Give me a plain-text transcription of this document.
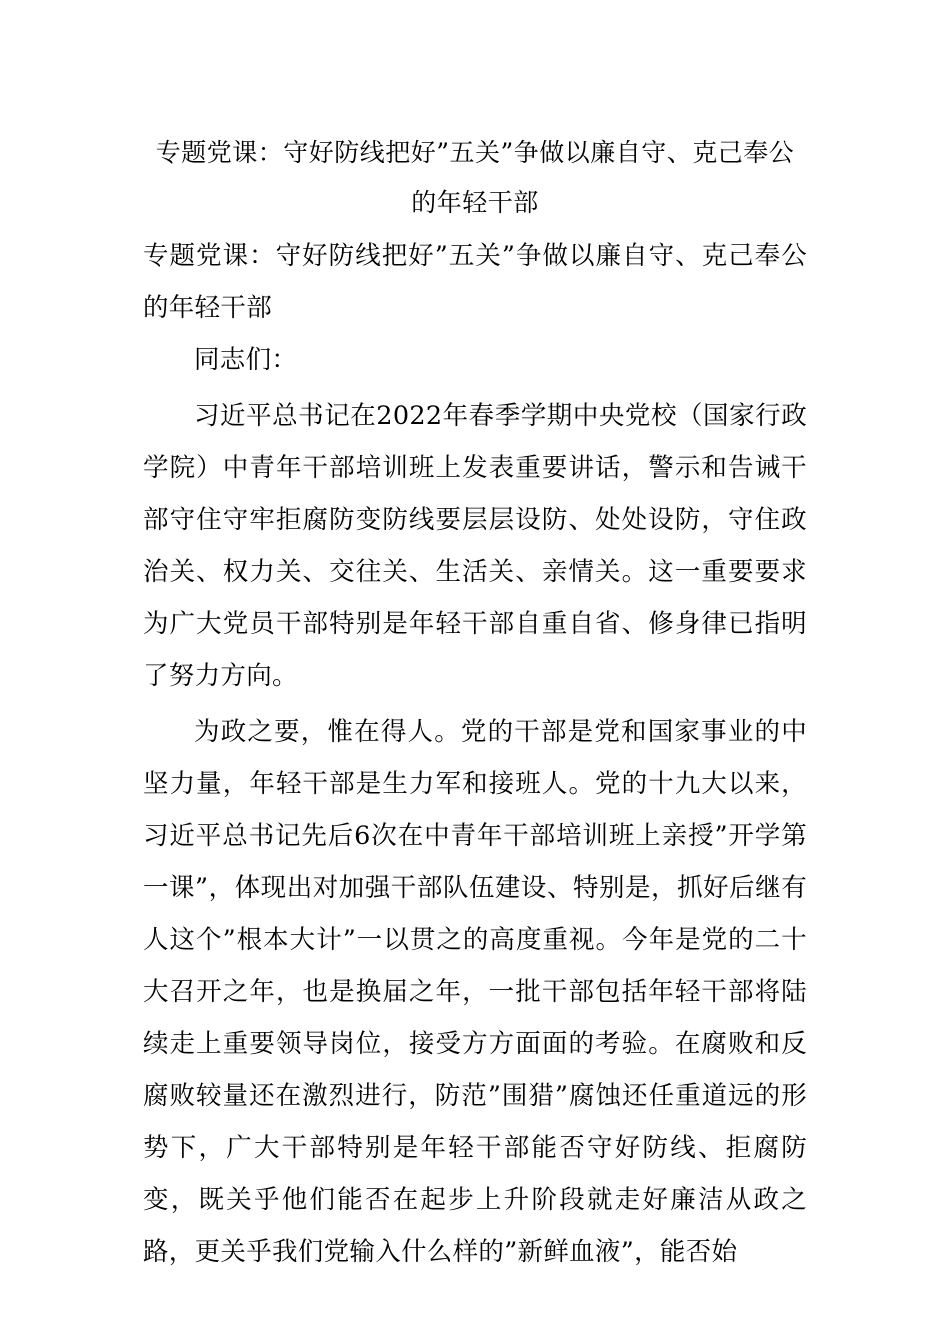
专题党课：守好防线把好”五关”争做以廉自守、克己奉公的年轻干部

专题党课：守好防线把好”五关”争做以廉自守、克己奉公的年轻干部

同志们：

习近平总书记在2022年春季学期中央党校（国家行政学院）中青年干部培训班上发表重要讲话，警示和告诫干部守住守牢拒腐防变防线要层层设防、处处设防，守住政治关、权力关、交往关、生活关、亲情关。这一重要要求为广大党员干部特别是年轻干部自重自省、修身律已指明了努力方向。

为政之要，惟在得人。党的干部是党和国家事业的中坚力量，年轻干部是生力军和接班人。党的十九大以来，习近平总书记先后6次在中青年干部培训班上亲授”开学第一课”，体现出对加强干部队伍建设、特别是，抓好后继有人这个”根本大计”一以贯之的高度重视。今年是党的二十大召开之年，也是换届之年，一批干部包括年轻干部将陆续走上重要领导岗位，接受方方面面的考验。在腐败和反腐败较量还在激烈进行，防范”围猎”腐蚀还任重道远的形势下，广大干部特别是年轻干部能否守好防线、拒腐防变，既关乎他们能否在起步上升阶段就走好廉洁从政之路，更关乎我们党输入什么样的”新鲜血液”，能否始
